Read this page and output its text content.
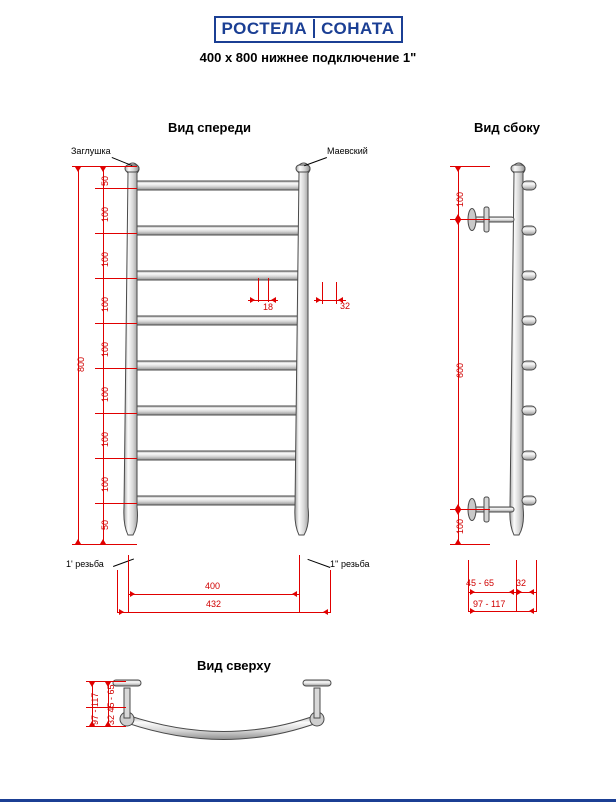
РОСТЕЛА СОНАТА
400 x 800 нижнее подключение 1"
Вид спереди	Вид сбоку
Вид сверху
Заглушка	Маевский
1' резьба	1'' резьба
50
100
100
100
100
100
100
100
50
800
18	32
400
432
100
600
100
45 - 65 32
97 - 117
97 - 117 32 45 - 65
